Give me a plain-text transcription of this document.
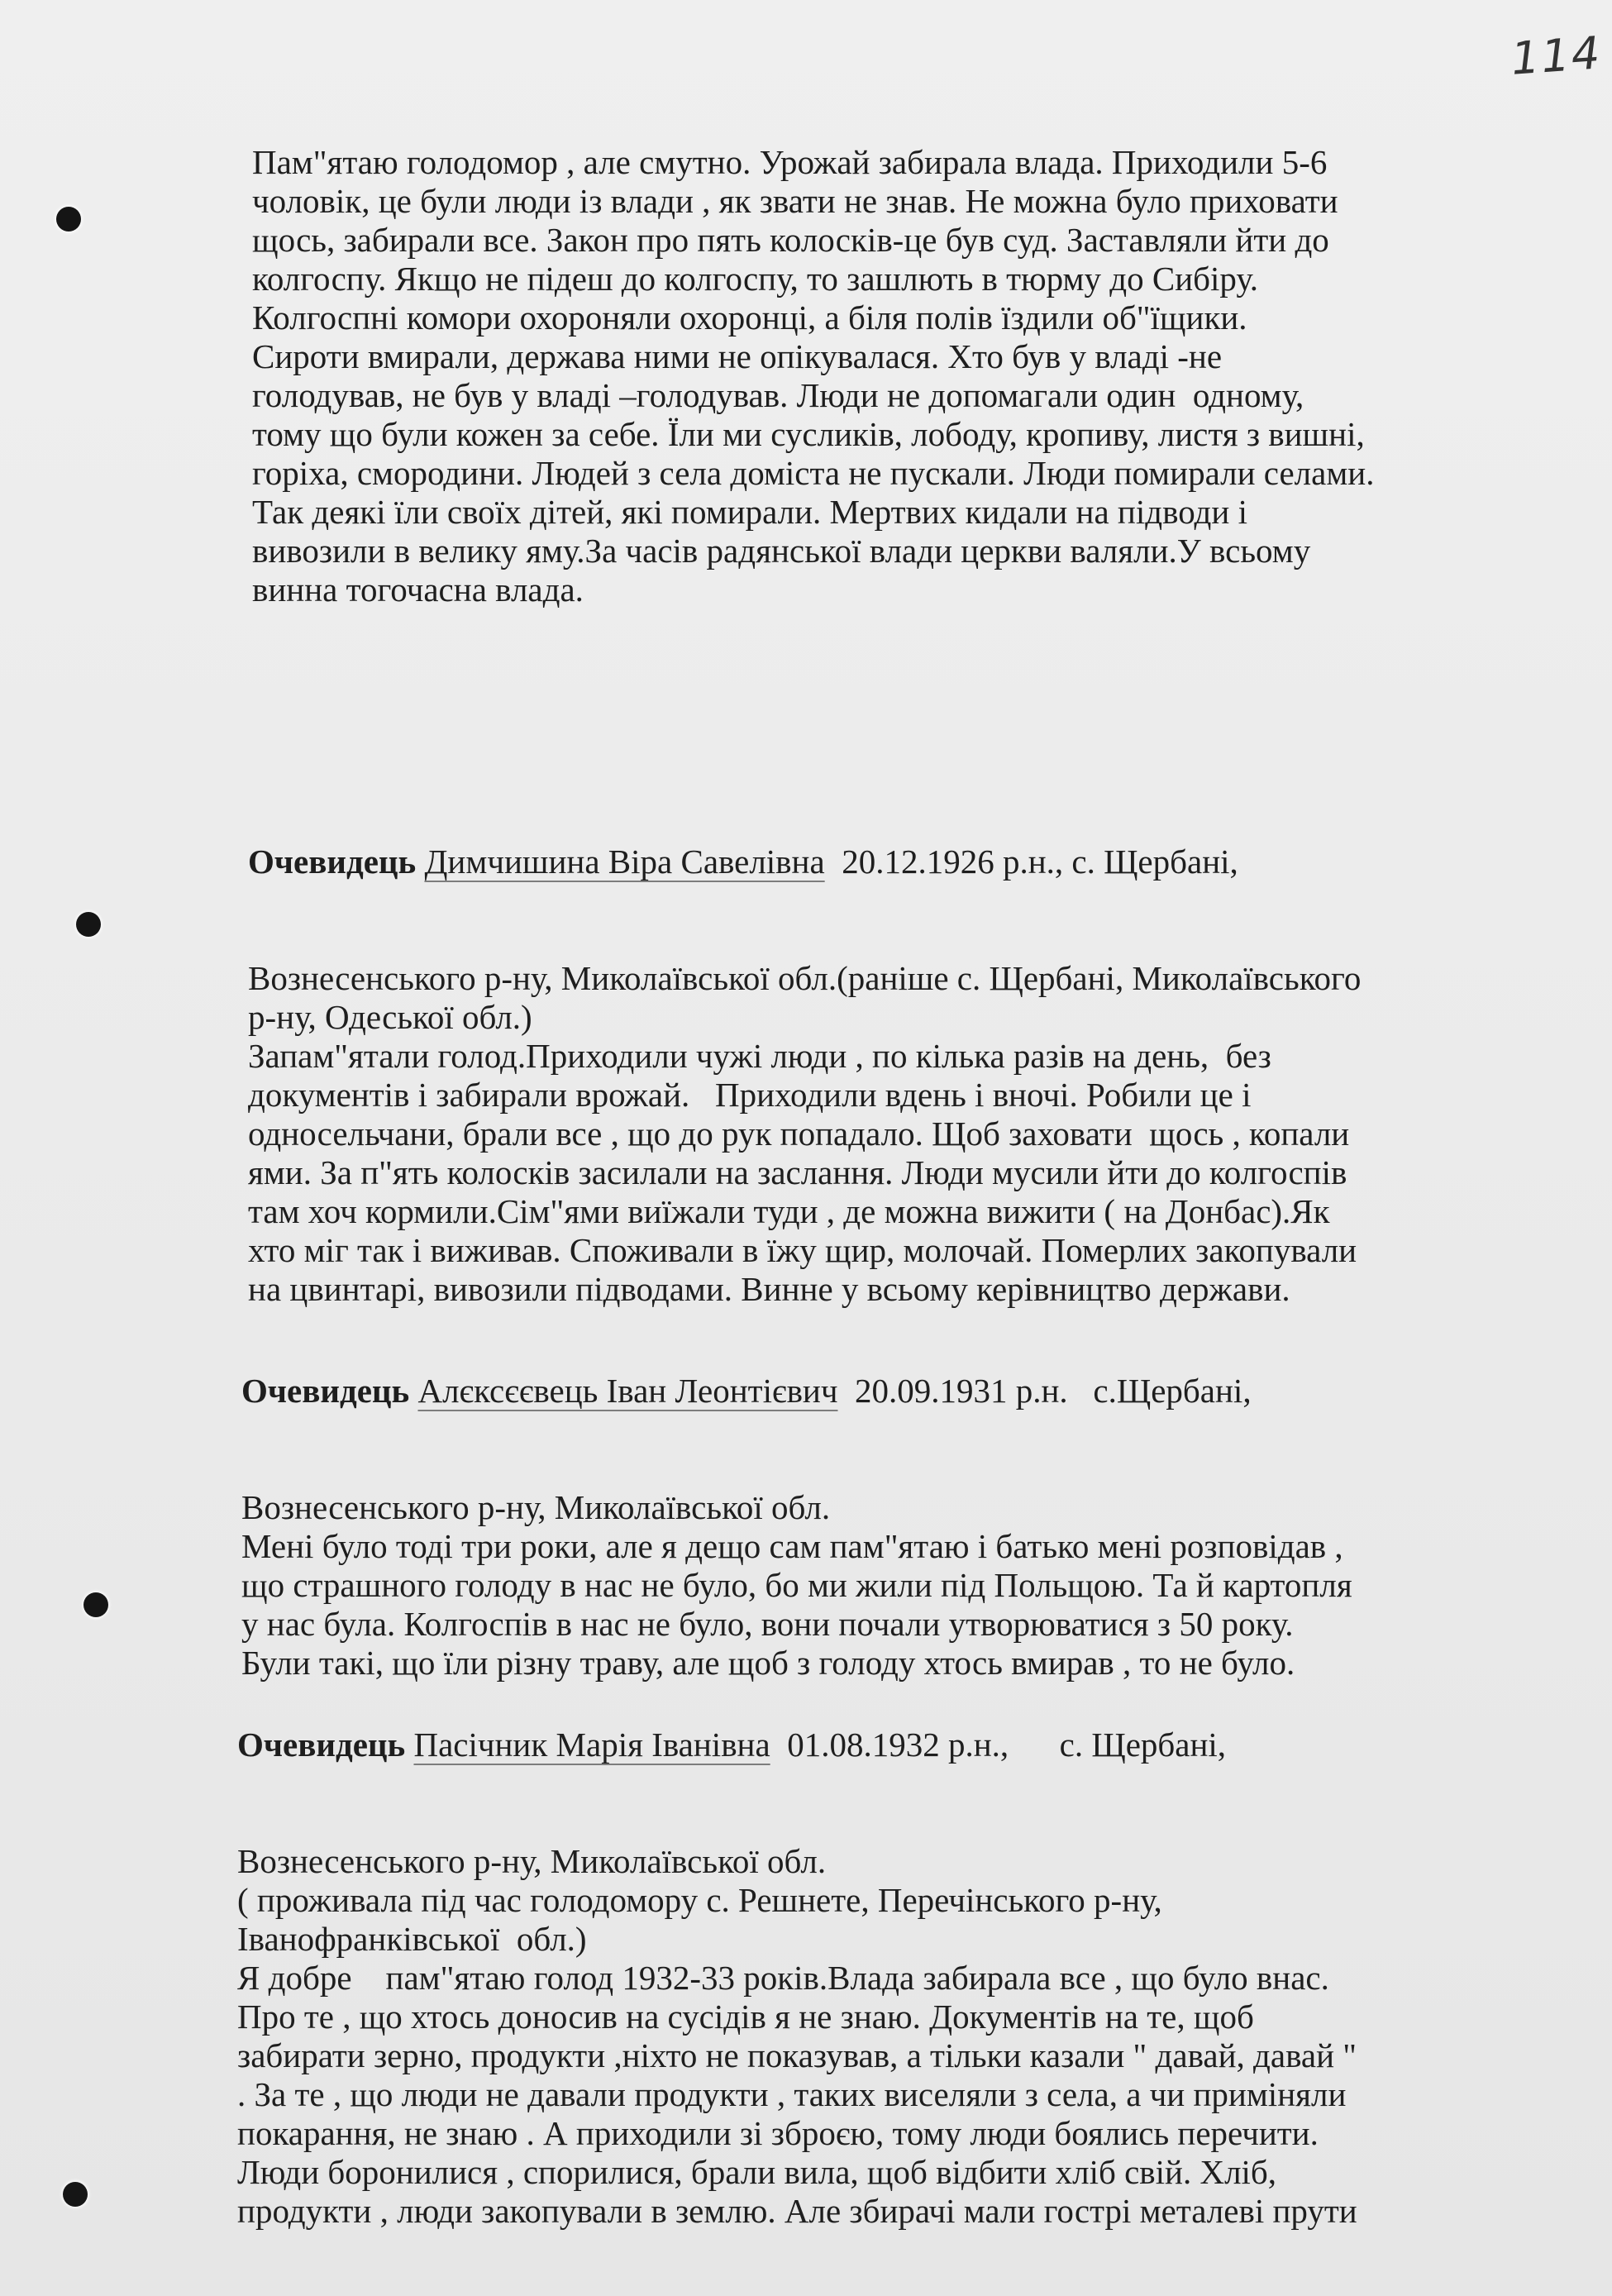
114
Пам"ятаю голодомор , але смутно. Урожай забирала влада. Приходили 5-6
чоловік, це були люди із влади , як звати не знав. Не можна було приховати
щось, забирали все. Закон про пять колосків-це був суд. Заставляли йти до
колгоспу. Якщо не підеш до колгоспу, то зашлють в тюрму до Сибіру.
Колгоспні комори охороняли охоронці, а біля полів їздили об"їщики.
Сироти вмирали, держава ними не опікувалася. Хто був у владі -не
голодував, не був у владі –голодував. Люди не допомагали один  одному,
тому що були кожен за себе. Їли ми сусликів, лободу, кропиву, листя з вишні,
горіха, смородини. Людей з села доміста не пускали. Люди помирали селами.
Так деякі їли своїх дітей, які помирали. Мертвих кидали на підводи і
вивозили в велику яму.За часів радянської влади церкви валяли.У всьому
винна тогочасна влада.

Очевидець Димчишина Віра Савелівна  20.12.1926 р.н., с. Щербані,

Вознесенського р-ну, Миколаївської обл.(раніше с. Щербані, Миколаївського
р-ну, Одеської обл.)
Запам"ятали голод.Приходили чужі люди , по кілька разів на день,  без
документів і забирали врожай.   Приходили вдень і вночі. Робили це і
односельчани, брали все , що до рук попадало. Щоб заховати  щось , копали
ями. За п"ять колосків засилали на заслання. Люди мусили йти до колгоспів
там хоч кормили.Сім"ями виїжали туди , де можна вижити ( на Донбас).Як
хто міг так і виживав. Споживали в їжу щир, молочай. Померлих закопували
на цвинтарі, вивозили підводами. Винне у всьому керівництво держави.

Очевидець Алєксєєвець Іван Леонтієвич  20.09.1931 р.н.   с.Щербані,

Вознесенського р-ну, Миколаївської обл.
Мені було тоді три роки, але я дещо сам пам"ятаю і батько мені розповідав ,
що страшного голоду в нас не було, бо ми жили під Польщою. Та й картопля
у нас була. Колгоспів в нас не було, вони почали утворюватися з 50 року.
Були такі, що їли різну траву, але щоб з голоду хтось вмирав , то не було.

Очевидець Пасічник Марія Іванівна  01.08.1932 р.н.,      с. Щербані,

Вознесенського р-ну, Миколаївської обл.
( проживала під час голодомору с. Решнете, Перечінського р-ну,
Іванофранківської  обл.)
Я добре    пам"ятаю голод 1932-33 років.Влада забирала все , що було внас.
Про те , що хтось доносив на сусідів я не знаю. Документів на те, щоб
забирати зерно, продукти ,ніхто не показував, а тільки казали " давай, давай "
. За те , що люди не давали продукти , таких виселяли з села, а чи приміняли
покарання, не знаю . А приходили зі зброєю, тому люди боялись перечити.
Люди боронилися , спорилися, брали вила, щоб відбити хліб свій. Хліб,
продукти , люди закопували в землю. Але збирачі мали гострі металеві прути
